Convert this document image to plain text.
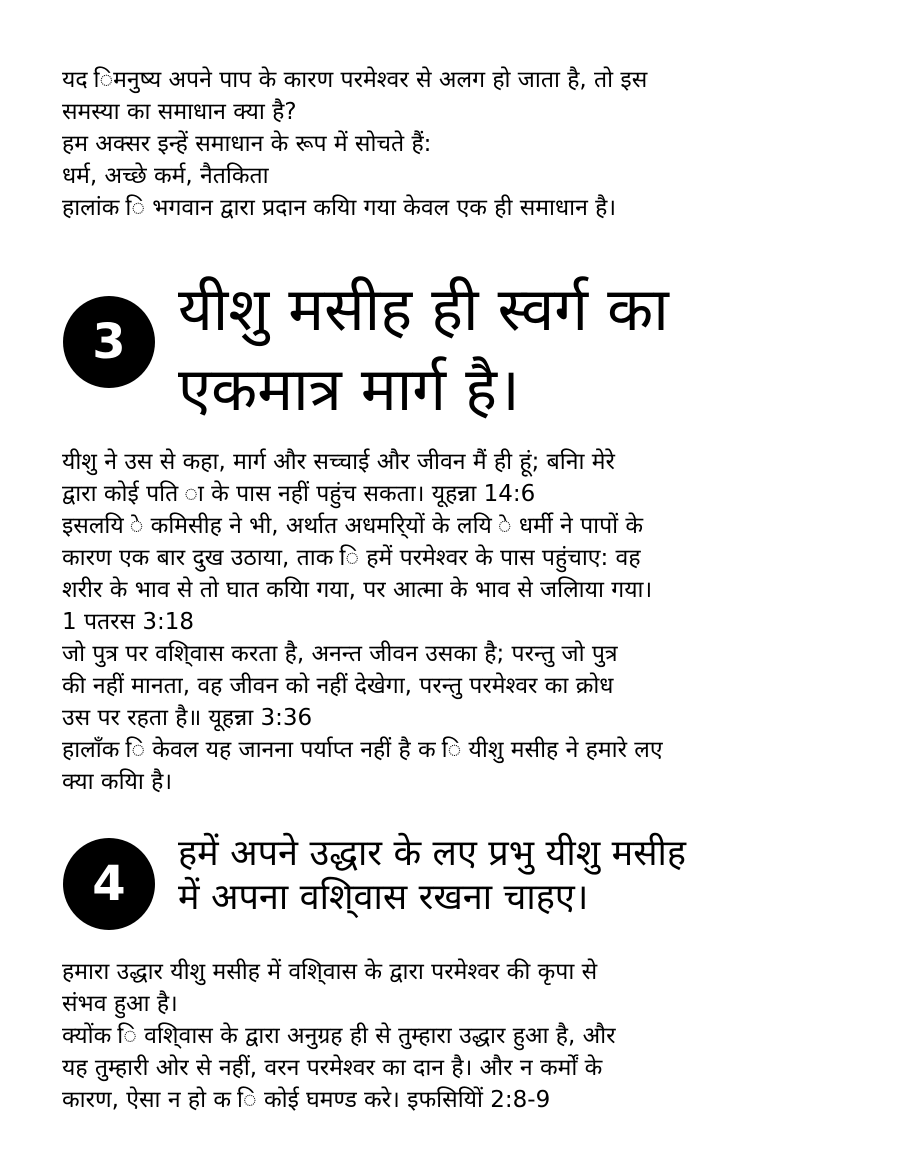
यद िमनुष्य अपने पाप के कारण परमेश्वर से अलग हो जाता है, तो इस
समस्या का समाधान क्या है?
हम अक्सर इन्हें समाधान के रूप में सोचते हैं:
धर्म, अच्छे कर्म, नैतकिता
हालांक ि भगवान द्वारा प्रदान कयिा गया केवल एक ही समाधान है।
3 यीशु मसीह ही स्वर्ग का
एकमात्र मार्ग है।
यीशु ने उस से कहा, मार्ग और सच्चाई और जीवन मैं ही हूं; बनिा मेरे
द्वारा कोई पति ा के पास नहीं पहुंच सकता। यूहन्ना 14:6
इसलयि े कमिसीह ने भी, अर्थात अधमरि्यों के लयि े धर्मी ने पापों के
कारण एक बार दुख उठाया, ताक ि हमें परमेश्वर के पास पहुंचाए: वह
शरीर के भाव से तो घात कयिा गया, पर आत्मा के भाव से जलिाया गया।
1 पतरस 3:18
जो पुत्र पर वशि्वास करता है, अनन्त जीवन उसका है; परन्तु जो पुत्र
की नहीं मानता, वह जीवन को नहीं देखेगा, परन्तु परमेश्वर का क्रोध
उस पर रहता है॥ यूहन्ना 3:36
हालाँक ि केवल यह जानना पर्याप्त नहीं है क ि यीशु मसीह ने हमारे लए
क्या कयिा है।
4
हमें अपने उद्धार के लए प्रभु यीशु मसीह
में अपना वशि्वास रखना चाहए।
हमारा उद्धार यीशु मसीह में वशि्वास के द्वारा परमेश्वर की कृपा से
संभव हुआ है।
क्योंक ि वशि्वास के द्वारा अनुग्रह ही से तुम्हारा उद्धार हुआ है, और
यह तुम्हारी ओर से नहीं, वरन परमेश्वर का दान है। और न कर्मों के
कारण, ऐसा न हो क ि कोई घमण्ड करे। इफसियिों 2:8-9
